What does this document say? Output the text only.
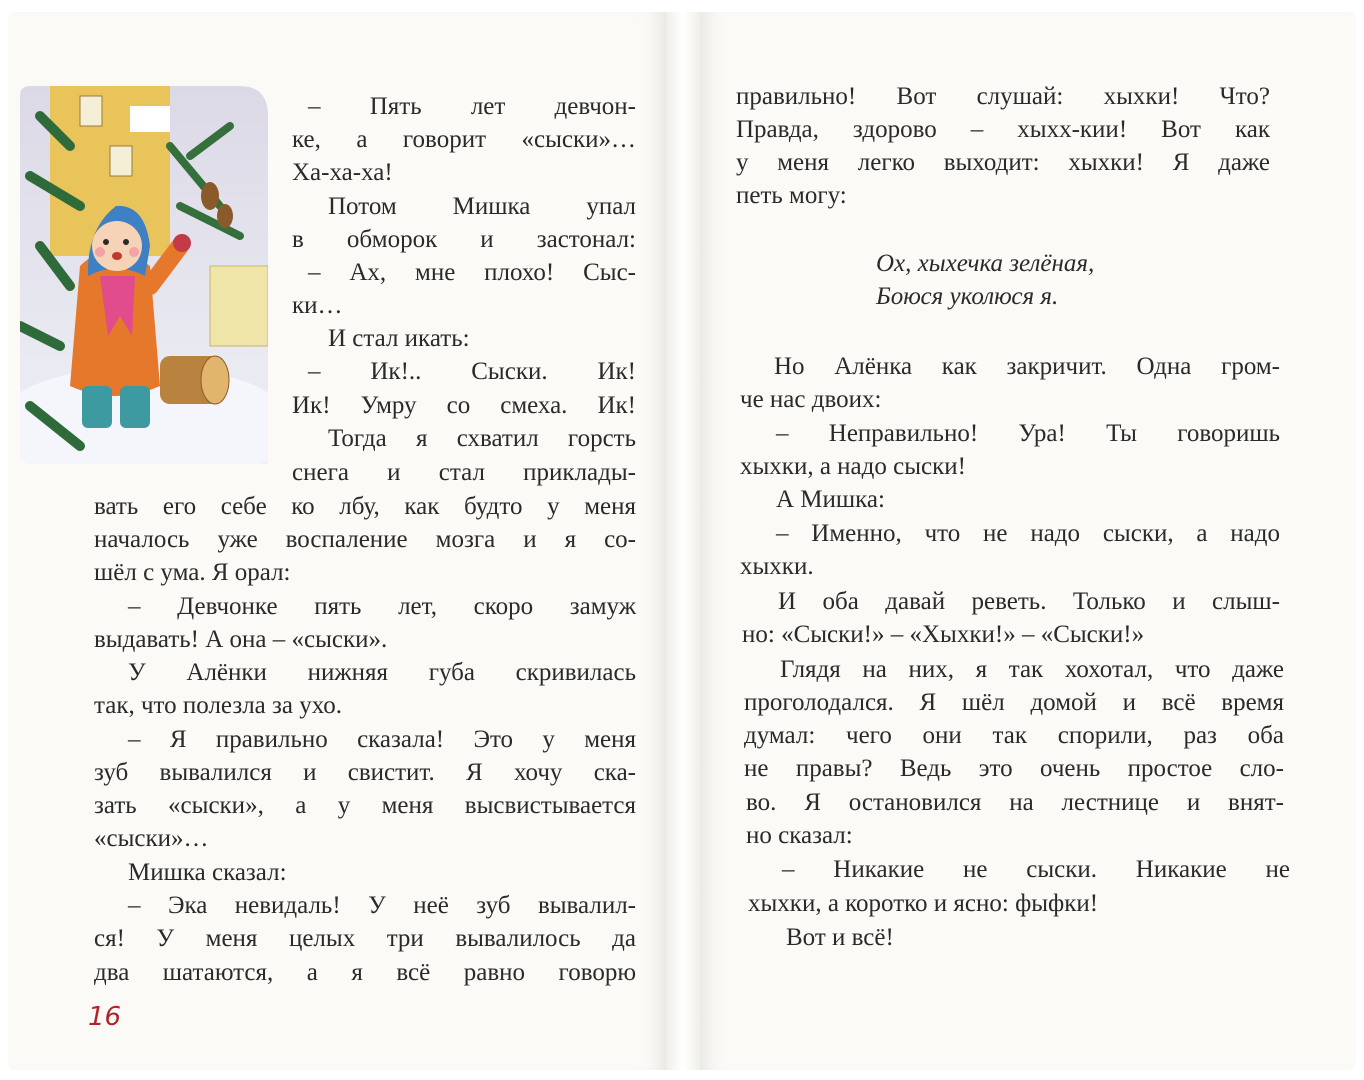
– Пять лет девчон-
ке, а говорит «сыски»…
Ха-ха-ха!
Потом Мишка упал
в обморок и застонал:
– Ах, мне плохо! Сыс-
ки…
И стал икать:
– Ик!.. Сыски. Ик!
Ик! Умру со смеха. Ик!
Тогда я схватил горсть
снега и стал приклады-
вать его себе ко лбу, как будто у меня
началось уже воспаление мозга и я со-
шёл с ума. Я орал:
– Девчонке пять лет, скоро замуж
выдавать! А она – «сыски».
У Алёнки нижняя губа скривилась
так, что полезла за ухо.
– Я правильно сказала! Это у меня
зуб вывалился и свистит. Я хочу ска-
зать «сыски», а у меня высвистывается
«сыски»…
Мишка сказал:
– Эка невидаль! У неё зуб вывалил-
ся! У меня целых три вывалилось да
два шатаются, а я всё равно говорю
16
правильно! Вот слушай: хыхки! Что?
Правда, здорово – хыхх-кии! Вот как
у меня легко выходит: хыхки! Я даже
петь могу:
Ох, хыхечка зелёная,
Боюся уколюся я.
Но Алёнка как закричит. Одна гром-
че нас двоих:
– Неправильно! Ура! Ты говоришь
хыхки, а надо сыски!
А Мишка:
– Именно, что не надо сыски, а надо
хыхки.
И оба давай реветь. Только и слыш-
но: «Сыски!» – «Хыхки!» – «Сыски!»
Глядя на них, я так хохотал, что даже
проголодался. Я шёл домой и всё время
думал: чего они так спорили, раз оба
не правы? Ведь это очень простое сло-
во. Я остановился на лестнице и внят-
но сказал:
– Никакие не сыски. Никакие не
хыхки, а коротко и ясно: фыфки!
Вот и всё!
